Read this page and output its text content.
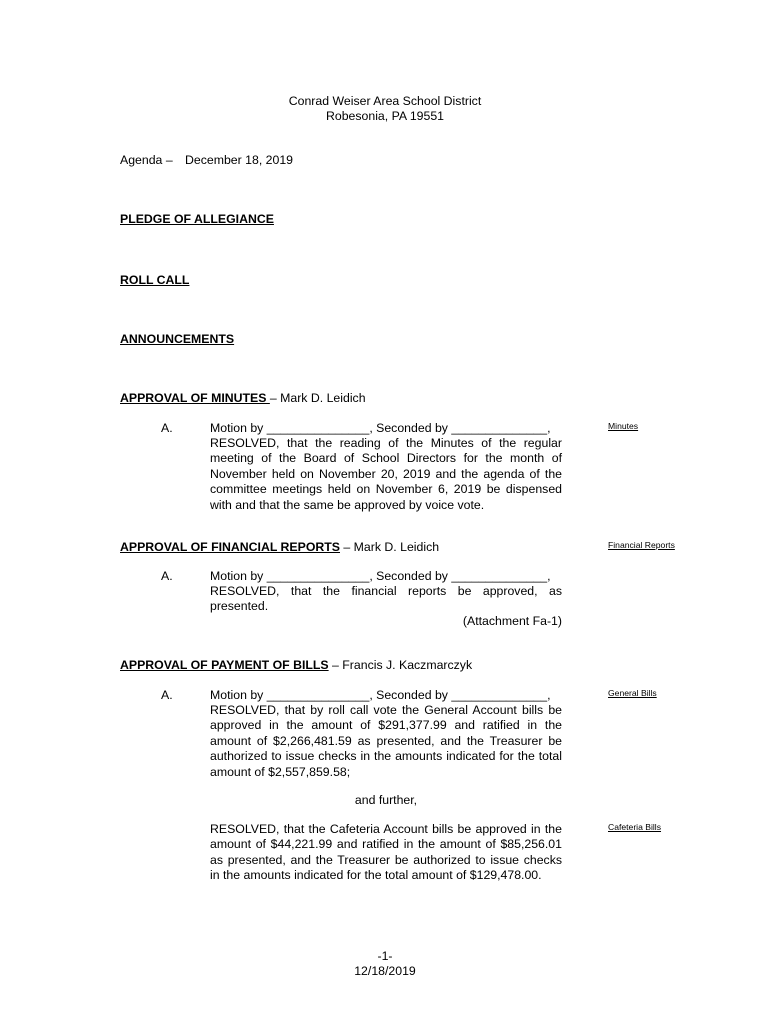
Conrad Weiser Area School District
Robesonia, PA 19551
Agenda – December 18, 2019
PLEDGE OF ALLEGIANCE
ROLL CALL
ANNOUNCEMENTS
APPROVAL OF MINUTES – Mark D. Leidich
A.	Motion by _______________, Seconded by ______________,
RESOLVED, that the reading of the Minutes of the regular meeting of the Board of School Directors for the month of November held on November 20, 2019 and the agenda of the committee meetings held on November 6, 2019 be dispensed with and that the same be approved by voice vote.
Minutes
APPROVAL OF FINANCIAL REPORTS – Mark D. Leidich	Financial Reports
A.	Motion by _______________, Seconded by ______________,
RESOLVED, that the financial reports be approved, as presented.
(Attachment Fa-1)
APPROVAL OF PAYMENT OF BILLS – Francis J. Kaczmarczyk
A.	Motion by _______________, Seconded by ______________,
RESOLVED, that by roll call vote the General Account bills be approved in the amount of $291,377.99 and ratified in the amount of $2,266,481.59 as presented, and the Treasurer be authorized to issue checks in the amounts indicated for the total amount of $2,557,859.58;
General Bills
and further,
RESOLVED, that the Cafeteria Account bills be approved in the amount of $44,221.99 and ratified in the amount of $85,256.01 as presented, and the Treasurer be authorized to issue checks in the amounts indicated for the total amount of $129,478.00.
Cafeteria Bills
-1-
12/18/2019
